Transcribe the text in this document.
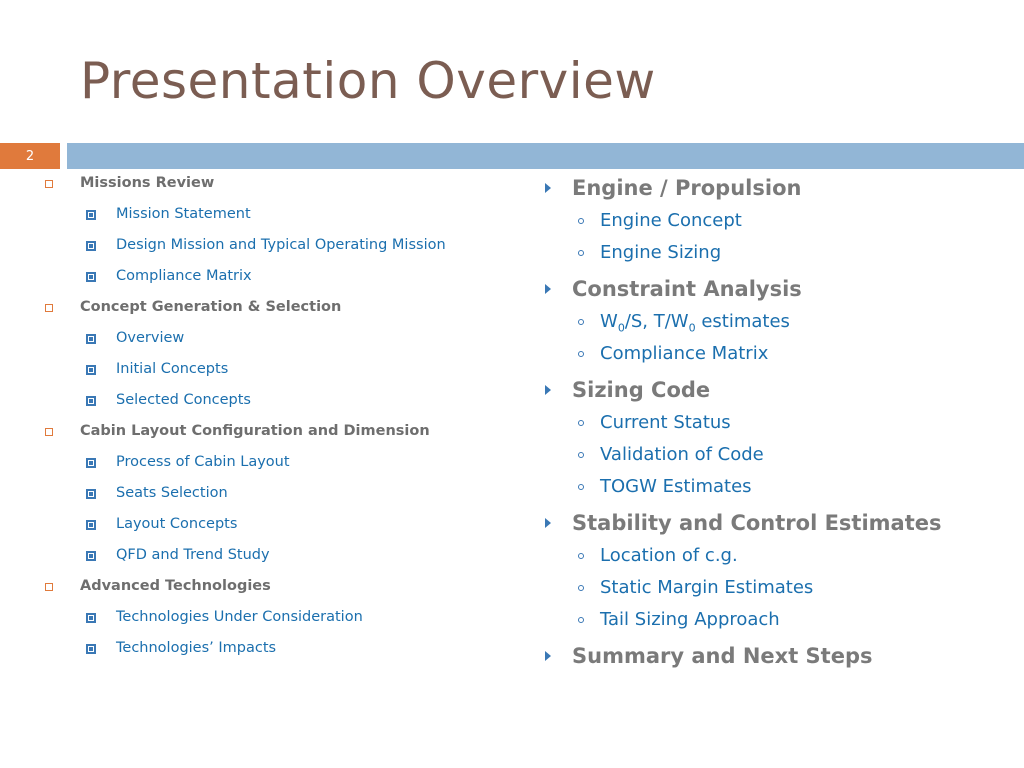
Presentation Overview
2
Missions Review
Mission Statement
Design Mission and Typical Operating Mission
Compliance Matrix
Concept Generation & Selection
Overview
Initial Concepts
Selected Concepts
Cabin Layout Configuration and Dimension
Process of Cabin Layout
Seats Selection
Layout Concepts
QFD and Trend Study
Advanced Technologies
Technologies Under Consideration
Technologies’ Impacts
Engine / Propulsion
Engine Concept
Engine Sizing
Constraint Analysis
$W_0/S$, $T/W_0$ estimates
Compliance Matrix
Sizing Code
Current Status
Validation of Code
TOGW Estimates
Stability and Control Estimates
Location of c.g.
Static Margin Estimates
Tail Sizing Approach
Summary and Next Steps
